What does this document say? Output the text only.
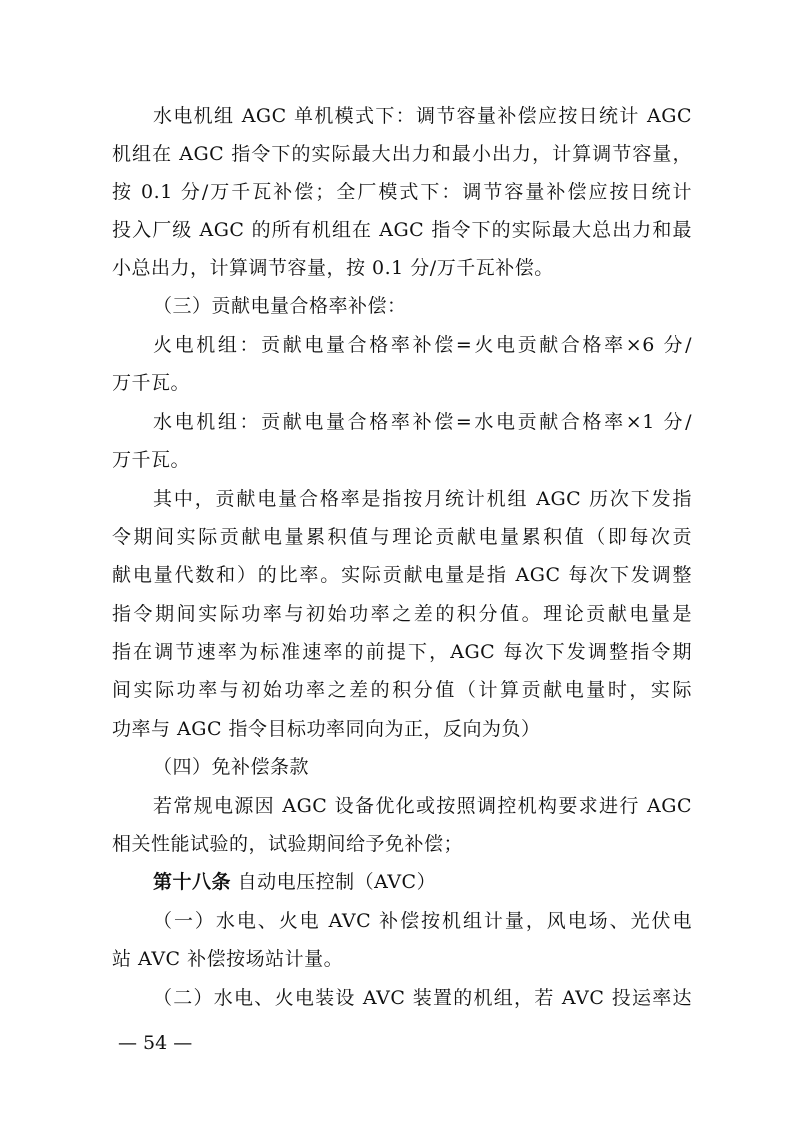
水电机组 AGC 单机模式下：调节容量补偿应按日统计 AGC
机组在 AGC 指令下的实际最大出力和最小出力，计算调节容量，
按 0.1 分/万千瓦补偿；全厂模式下：调节容量补偿应按日统计
投入厂级 AGC 的所有机组在 AGC 指令下的实际最大总出力和最
小总出力，计算调节容量，按 0.1 分/万千瓦补偿。
（三）贡献电量合格率补偿：
火电机组：贡献电量合格率补偿=火电贡献合格率×6 分/
万千瓦。
水电机组：贡献电量合格率补偿=水电贡献合格率×1 分/
万千瓦。
其中，贡献电量合格率是指按月统计机组 AGC 历次下发指
令期间实际贡献电量累积值与理论贡献电量累积值（即每次贡
献电量代数和）的比率。实际贡献电量是指 AGC 每次下发调整
指令期间实际功率与初始功率之差的积分值。理论贡献电量是
指在调节速率为标准速率的前提下，AGC 每次下发调整指令期
间实际功率与初始功率之差的积分值（计算贡献电量时，实际
功率与 AGC 指令目标功率同向为正，反向为负）
（四）免补偿条款
若常规电源因 AGC 设备优化或按照调控机构要求进行 AGC
相关性能试验的，试验期间给予免补偿；
第十八条 自动电压控制（AVC）
（一）水电、火电 AVC 补偿按机组计量，风电场、光伏电
站 AVC 补偿按场站计量。
（二）水电、火电装设 AVC 装置的机组，若 AVC 投运率达
— 54 —
